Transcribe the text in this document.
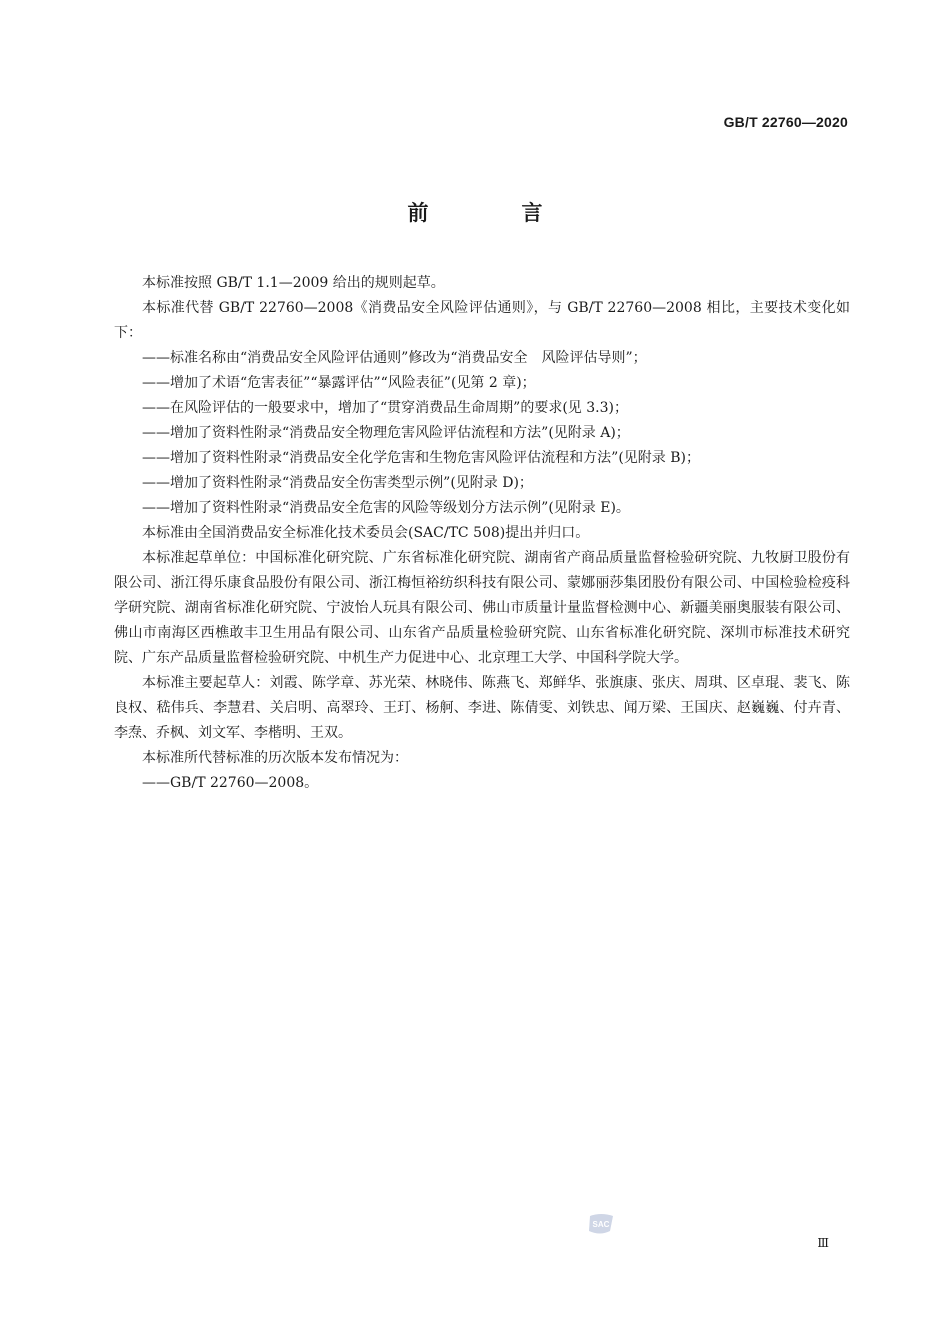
GB/T 22760—2020
前　言

本标准按照 GB/T 1.1—2009 给出的规则起草。

本标准代替 GB/T 22760—2008《消费品安全风险评估通则》，与 GB/T 22760—2008 相比，主要技术变化如下：

——标准名称由“消费品安全风险评估通则”修改为“消费品安全　风险评估导则”；

——增加了术语“危害表征”“暴露评估”“风险表征”(见第 2 章)；

——在风险评估的一般要求中，增加了“贯穿消费品生命周期”的要求(见 3.3)；

——增加了资料性附录“消费品安全物理危害风险评估流程和方法”(见附录 A)；

——增加了资料性附录“消费品安全化学危害和生物危害风险评估流程和方法”(见附录 B)；

——增加了资料性附录“消费品安全伤害类型示例”(见附录 D)；

——增加了资料性附录“消费品安全危害的风险等级划分方法示例”(见附录 E)。

本标准由全国消费品安全标准化技术委员会(SAC/TC 508)提出并归口。

本标准起草单位：中国标准化研究院、广东省标准化研究院、湖南省产商品质量监督检验研究院、九牧厨卫股份有限公司、浙江得乐康食品股份有限公司、浙江梅恒裕纺织科技有限公司、蒙娜丽莎集团股份有限公司、中国检验检疫科学研究院、湖南省标准化研究院、宁波怡人玩具有限公司、佛山市质量计量监督检测中心、新疆美丽奥服装有限公司、佛山市南海区西樵敢丰卫生用品有限公司、山东省产品质量检验研究院、山东省标准化研究院、深圳市标准技术研究院、广东产品质量监督检验研究院、中机生产力促进中心、北京理工大学、中国科学院大学。

本标准主要起草人：刘霞、陈学章、苏光荣、林晓伟、陈燕飞、郑鲜华、张旗康、张庆、周琪、区卓琨、裴飞、陈良权、嵇伟兵、李慧君、关启明、高翠玲、王玎、杨舸、李进、陈倩雯、刘铁忠、闻万梁、王国庆、赵巍巍、付卉青、李焘、乔枫、刘文军、李楷明、王双。

本标准所代替标准的历次版本发布情况为：

——GB/T 22760—2008。

SAC
Ⅲ
